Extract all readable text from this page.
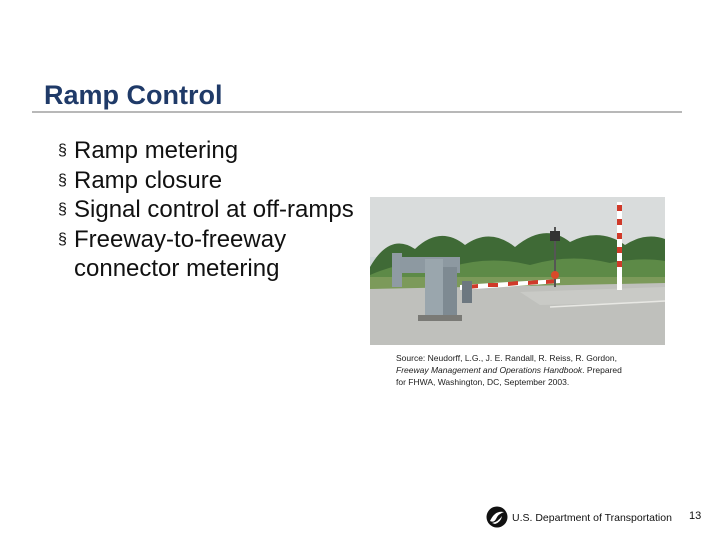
Ramp Control
§ Ramp metering
§ Ramp closure
§ Signal control at off-ramps
§ Freeway-to-freeway connector metering
Source: Neudorff, L.G., J. E. Randall, R. Reiss, R. Gordon,
Freeway Management and Operations Handbook. Prepared
for FHWA, Washington, DC, September 2003.
U.S. Department of Transportation 13
